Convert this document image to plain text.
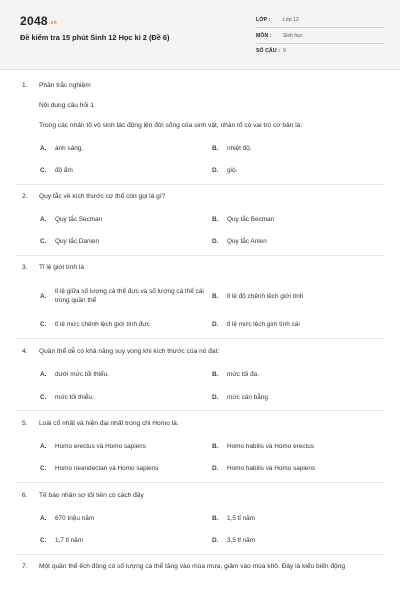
2048.vn
Đề kiểm tra 15 phút Sinh 12 Học kì 2 (Đề 6)
LỚP : Lớp 12
MÔN : Sinh học
SỐ CÂU : 9
1. Phần trắc nghiệm
Nội dung câu hỏi 1
Trong các nhân tố vô sinh tác động lên đời sống của sinh vật, nhân tố có vai trò cơ bản là:
A. ánh sáng.	B. nhiệt độ.
C. độ ẩm	D. gió.
2. Quy tắc về kích thước cơ thể còn gọi là gì?
A. Quy tắc Secman	B. Quy tắc Becman
C. Quy tắc Danien	D. Quy tắc Anlen
3. Tỉ lệ giới tính là
A.
tỉ lệ giữa số lượng cá thể đực và số lượng cá thể cái trong quần thể
B. tỉ lệ độ chênh lệch giới tính
C. tỉ lệ mức chênh lệch giới tính đực	D. tỉ lệ mức lệch giới tính cái
4. Quần thể dễ có khả năng suy vong khi kích thước của nó đạt:
A. dưới mức tối thiểu.	B. mức tối đa.
C. mức tối thiểu.	D. mức cân bằng
5. Loài cổ nhất và hiện đại nhất trong chi Homo là:
A. Homo erectus và Homo sapiens	B. Homo habilis và Homo erectus
C. Homo neandectan và Homo sapiens	D. Homo habilis và Homo sapiens
6. Tế bào nhân sơ tối tiên có cách đây
A. 670 triệu năm	B. 1,5 tỉ năm
C. 1,7 tỉ năm	D. 3,5 tỉ năm
7. Một quần thể ếch đồng có số lượng cá thể tăng vào mùa mưa, giảm vào mùa khô. Đây là kiểu biến động
